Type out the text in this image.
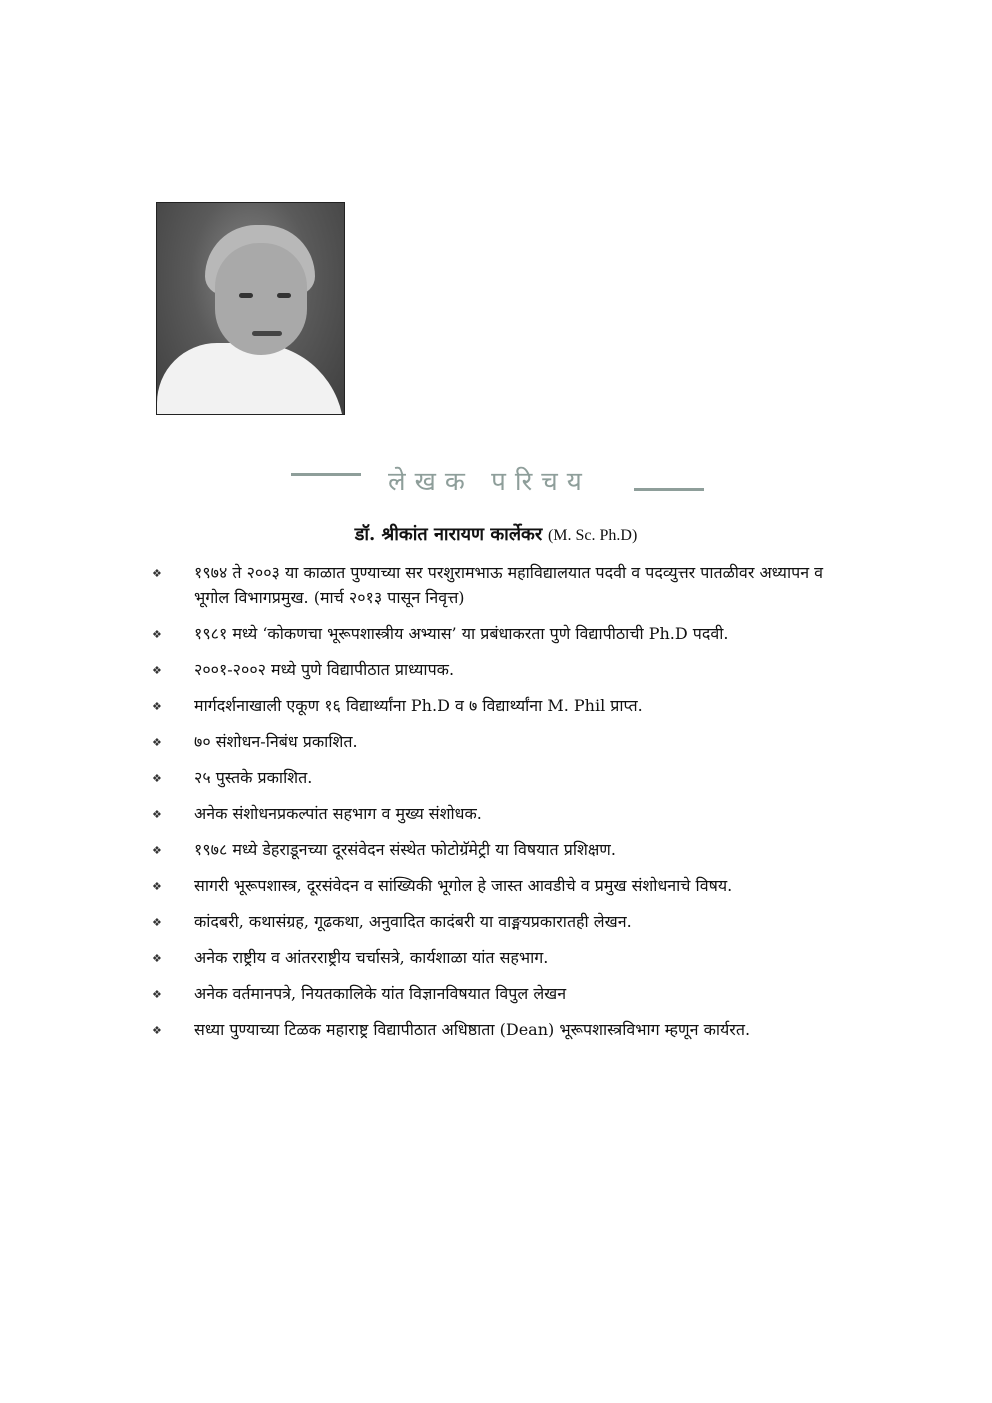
लेखक परिचय
डॉ. श्रीकांत नारायण कार्लेकर (M. Sc. Ph.D)
❖ १९७४ ते २००३ या काळात पुण्याच्या सर परशुरामभाऊ महाविद्यालयात पदवी व पदव्युत्तर पातळीवर अध्यापन व भूगोल विभागप्रमुख. (मार्च २०१३ पासून निवृत्त)
❖ १९८१ मध्ये ‘कोकणचा भूरूपशास्त्रीय अभ्यास’ या प्रबंधाकरता पुणे विद्यापीठाची Ph.D पदवी.
❖ २००१-२००२ मध्ये पुणे विद्यापीठात प्राध्यापक.
❖ मार्गदर्शनाखाली एकूण १६ विद्यार्थ्यांना Ph.D व ७ विद्यार्थ्यांना M. Phil प्राप्त.
❖ ७० संशोधन-निबंध प्रकाशित.
❖ २५ पुस्तके प्रकाशित.
❖ अनेक संशोधनप्रकल्पांत सहभाग व मुख्य संशोधक.
❖ १९७८ मध्ये डेहराडूनच्या दूरसंवेदन संस्थेत फोटोग्रॅमेट्री या विषयात प्रशिक्षण.
❖ सागरी भूरूपशास्त्र, दूरसंवेदन व सांख्यिकी भूगोल हे जास्त आवडीचे व प्रमुख संशोधनाचे विषय.
❖ कांदबरी, कथासंग्रह, गूढकथा, अनुवादित कादंबरी या वाङ्मयप्रकारातही लेखन.
❖ अनेक राष्ट्रीय व आंतरराष्ट्रीय चर्चासत्रे, कार्यशाळा यांत सहभाग.
❖ अनेक वर्तमानपत्रे, नियतकालिके यांत विज्ञानविषयात विपुल लेखन
❖ सध्या पुण्याच्या टिळक महाराष्ट्र विद्यापीठात अधिष्ठाता (Dean) भूरूपशास्त्रविभाग म्हणून कार्यरत.
